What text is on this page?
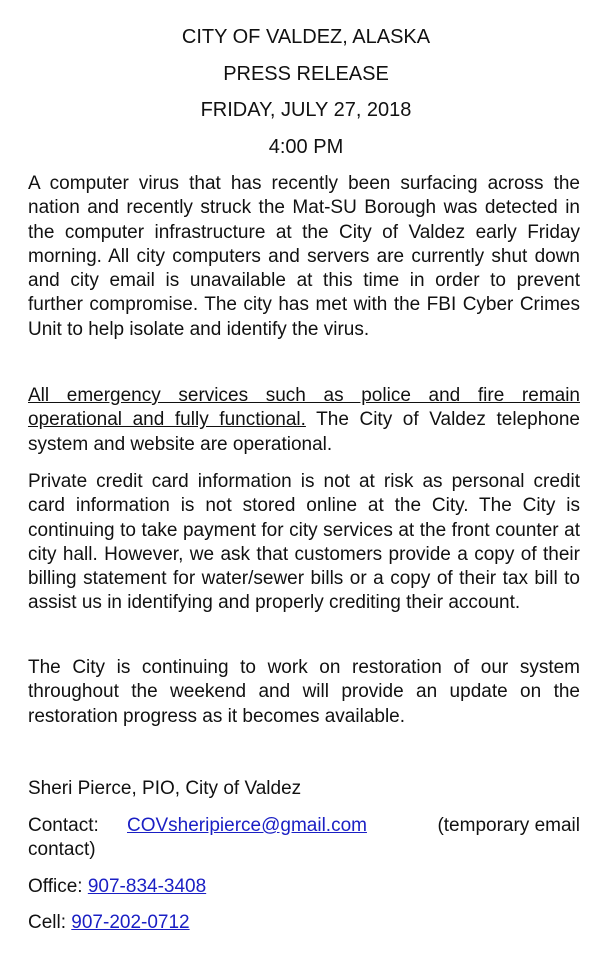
CITY OF VALDEZ, ALASKA
PRESS RELEASE
FRIDAY, JULY 27, 2018
4:00 PM

A computer virus that has recently been surfacing across the nation and recently struck the Mat-SU Borough was detected in the computer infrastructure at the City of Valdez early Friday morning. All city computers and servers are currently shut down and city email is unavailable at this time in order to prevent further compromise. The city has met with the FBI Cyber Crimes Unit to help isolate and identify the virus.

All emergency services such as police and fire remain operational and fully functional. The City of Valdez telephone system and website are operational.

Private credit card information is not at risk as personal credit card information is not stored online at the City. The City is continuing to take payment for city services at the front counter at city hall. However, we ask that customers provide a copy of their billing statement for water/sewer bills or a copy of their tax bill to assist us in identifying and properly crediting their account.

The City is continuing to work on restoration of our system throughout the weekend and will provide an update on the restoration progress as it becomes available.

Sheri Pierce, PIO, City of Valdez

Contact:	COVsheripierce@gmail.com	(temporary email

contact)

Office: 907-834-3408

Cell: 907-202-0712
